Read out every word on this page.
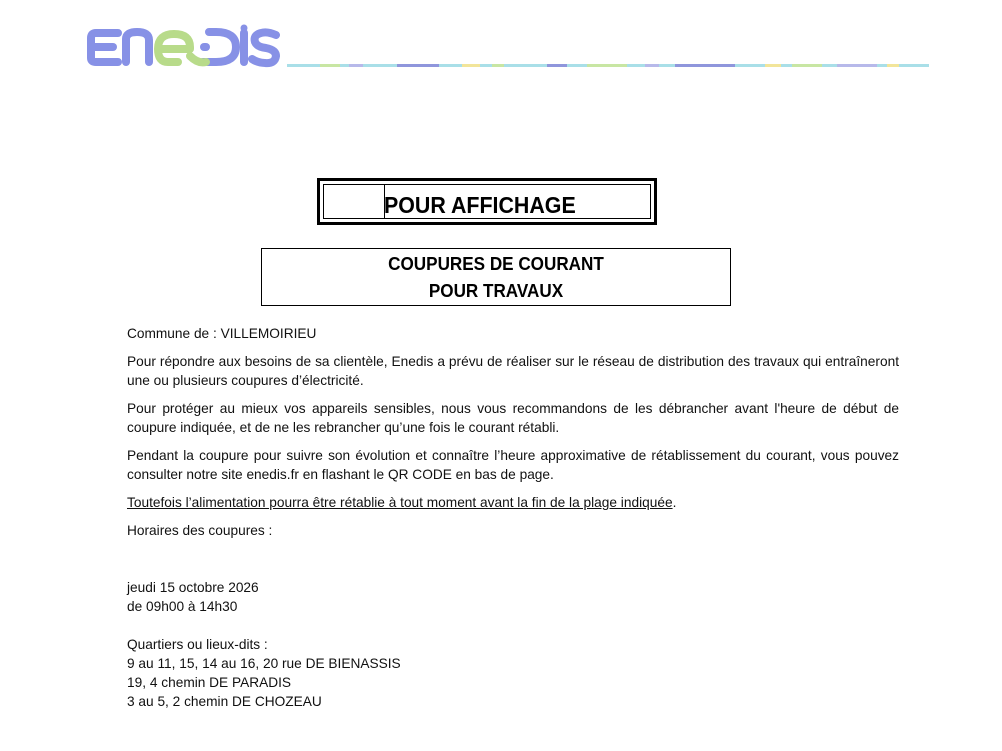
POUR AFFICHAGE
COUPURES DE COURANT
POUR TRAVAUX

Commune de : VILLEMOIRIEU

Pour répondre aux besoins de sa clientèle, Enedis a prévu de réaliser sur le réseau de distribution des travaux qui entraîneront une ou plusieurs coupures d’électricité.

Pour protéger au mieux vos appareils sensibles, nous vous recommandons de les débrancher avant l'heure de début de coupure indiquée, et de ne les rebrancher qu’une fois le courant rétabli.

Pendant la coupure pour suivre son évolution et connaître l’heure approximative de rétablissement du courant, vous pouvez consulter notre site enedis.fr en flashant le QR CODE en bas de page.

Toutefois l’alimentation pourra être rétablie à tout moment avant la fin de la plage indiquée.

Horaires des coupures :

jeudi 15 octobre 2026

de 09h00 à 14h30

Quartiers ou lieux-dits :

9 au 11, 15, 14 au 16, 20 rue DE BIENASSIS

19, 4 chemin DE PARADIS

3 au 5, 2 chemin DE CHOZEAU
